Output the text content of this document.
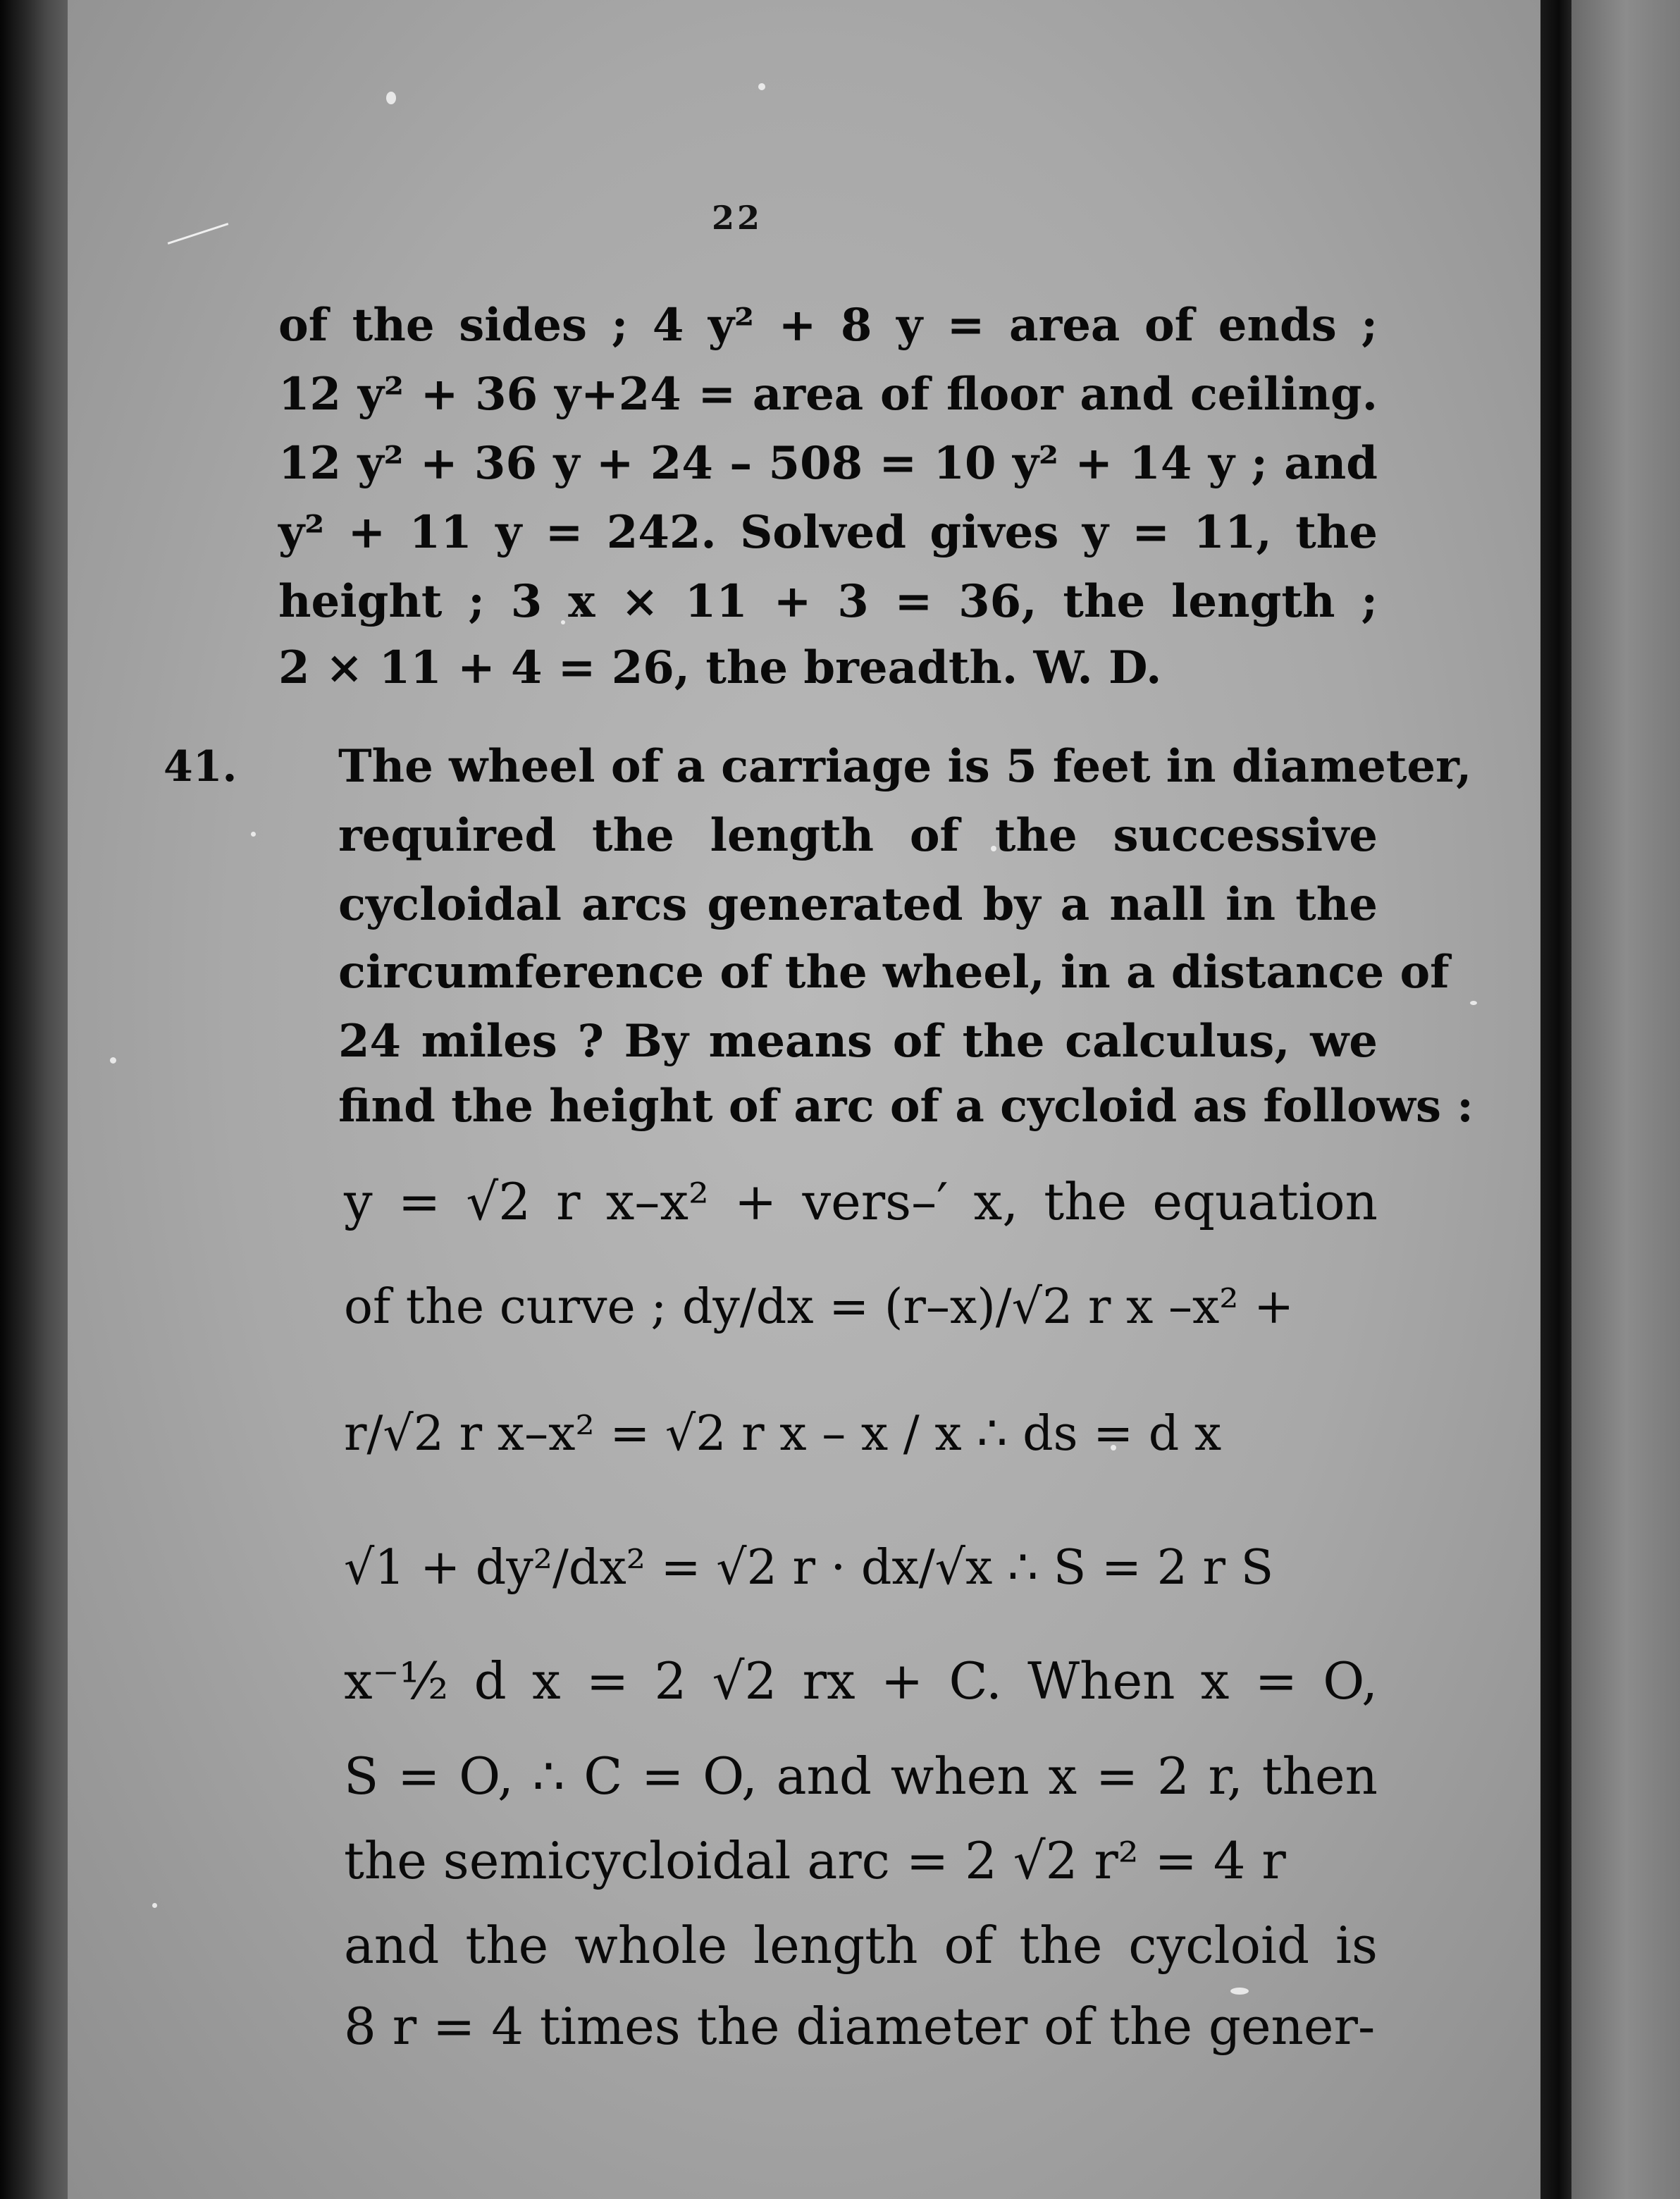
22
of the sides ; 4 y² + 8 y = area of ends ;
12 y² + 36 y+24 = area of floor and ceiling.
12 y² + 36 y + 24 – 508 = 10 y² + 14 y ; and
y² + 11 y = 242. Solved gives y = 11, the
height ; 3 x × 11 + 3 = 36, the length ;
2 × 11 + 4 = 26, the breadth. W. D.
41. The wheel of a carriage is 5 feet in diameter,
required the length of the successive
cycloidal arcs generated by a nall in the
circumference of the wheel, in a distance of
24 miles ? By means of the calculus, we
find the height of arc of a cycloid as follows :
y = √2 r x–x² + vers–′ x, the equation
of the curve ; dy/dx = (r–x)/√2 r x –x² +
r/√2 r x–x² = √2 r x – x / x ∴ ds = d x
√1 + dy²/dx² = √2 r · dx/√x ∴ S = 2 r S
x⁻½ d x = 2 √2 rx + C. When x = O,
S = O, ∴ C = O, and when x = 2 r, then
the semicycloidal arc = 2 √2 r² = 4 r
and the whole length of the cycloid is
8 r = 4 times the diameter of the gener-
